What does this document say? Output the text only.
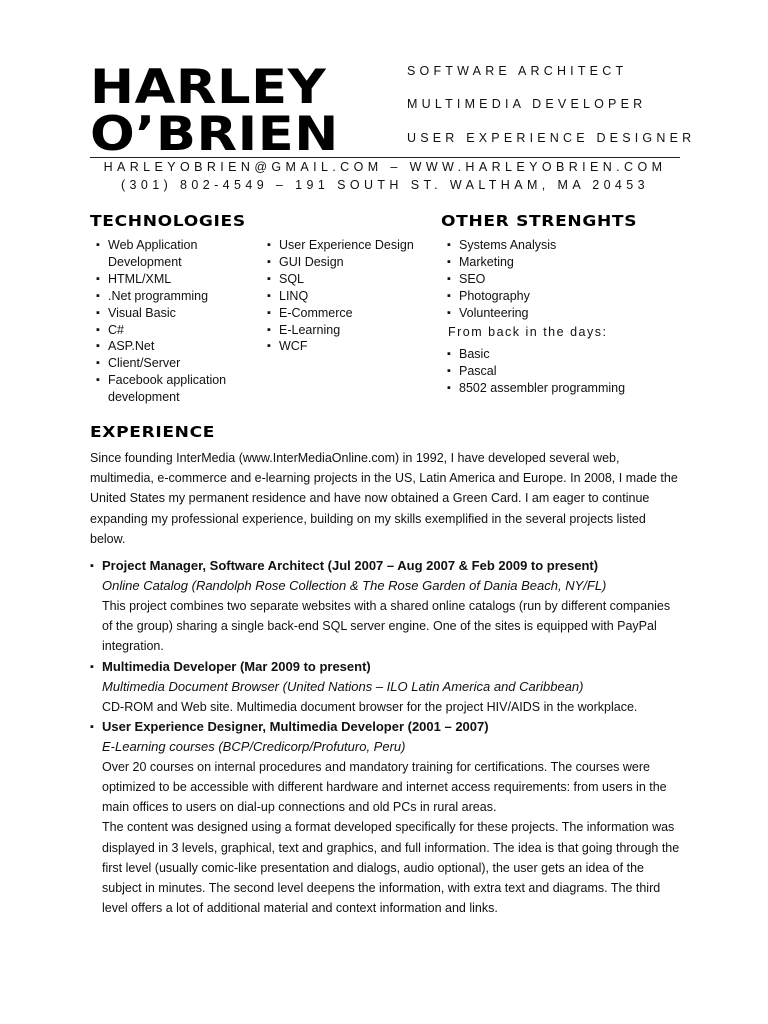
HARLEY
O’BRIEN
SOFTWARE ARCHITECT
MULTIMEDIA DEVELOPER
USER EXPERIENCE DESIGNER
HARLEYOBRIEN@GMAIL.COM – WWW.HARLEYOBRIEN.COM
(301) 802-4549 – 191 SOUTH ST. WALTHAM, MA 20453
TECHNOLOGIES
▪ Web Application Development
▪ HTML/XML
▪ .Net programming
▪ Visual Basic
▪ C#
▪ ASP.Net
▪ Client/Server
▪ Facebook application development
▪ User Experience Design
▪ GUI Design
▪ SQL
▪ LINQ
▪ E-Commerce
▪ E-Learning
▪ WCF
OTHER STRENGHTS
▪ Systems Analysis
▪ Marketing
▪ SEO
▪ Photography
▪ Volunteering
From back in the days:
▪ Basic
▪ Pascal
▪ 8502 assembler programming
EXPERIENCE
Since founding InterMedia (www.InterMediaOnline.com) in 1992, I have developed several web, multimedia, e-commerce and e-learning projects in the US, Latin America and Europe. In 2008, I made the United States my permanent residence and have now obtained a Green Card. I am eager to continue expanding my professional experience, building on my skills exemplified in the several projects listed below.
▪ Project Manager, Software Architect (Jul 2007 – Aug 2007 & Feb 2009 to present)
Online Catalog (Randolph Rose Collection & The Rose Garden of Dania Beach, NY/FL)
This project combines two separate websites with a shared online catalogs (run by different companies of the group) sharing a single back-end SQL server engine. One of the sites is equipped with PayPal integration.
▪ Multimedia Developer (Mar 2009 to present)
Multimedia Document Browser (United Nations – ILO Latin America and Caribbean)
CD-ROM and Web site. Multimedia document browser for the project HIV/AIDS in the workplace.
▪ User Experience Designer, Multimedia Developer (2001 – 2007)
E-Learning courses (BCP/Credicorp/Profuturo, Peru)
Over 20 courses on internal procedures and mandatory training for certifications. The courses were optimized to be accessible with different hardware and internet access requirements: from users in the main offices to users on dial-up connections and old PCs in rural areas.
The content was designed using a format developed specifically for these projects. The information was displayed in 3 levels, graphical, text and graphics, and full information. The idea is that going through the first level (usually comic-like presentation and dialogs, audio optional), the user gets an idea of the subject in minutes. The second level deepens the information, with extra text and diagrams. The third level offers a lot of additional material and context information and links.
